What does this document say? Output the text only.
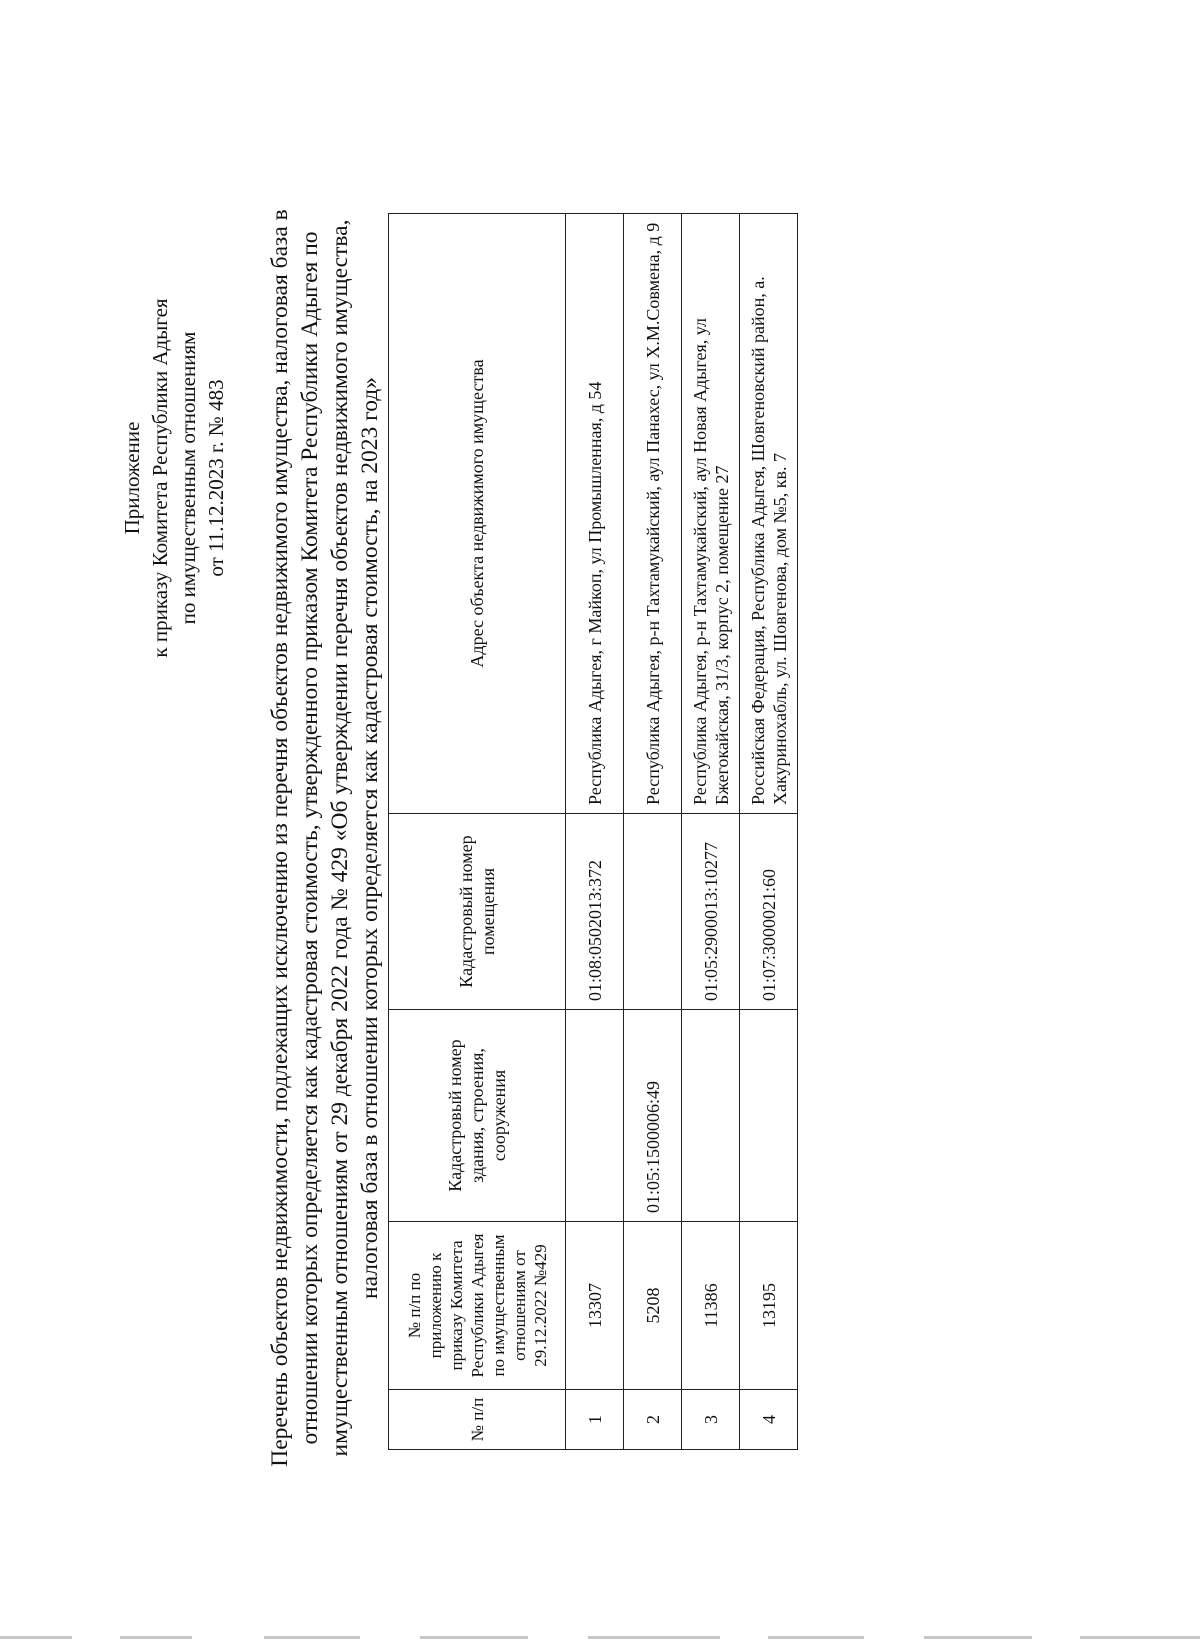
Приложение к приказу Комитета Республики Адыгея по имущественным отношениям от 11.12.2023 г. № 483 Перечень объектов недвижимости, подлежащих исключению из перечня объектов недвижимого имущества, налоговая база в отношении которых определяется как кадастровая стоимость, утвержденного приказом Комитета Республики Адыгея по имущественным отношениям от 29 декабря 2022 года № 429 «Об утверждении перечня объектов недвижимого имущества, налоговая база в отношении которых определяется как кадастровая стоимость, на 2023 год»
№ п/п	№ п/п по приложению к приказу Комитета Республики Адыгея по имущественным отношениям от 29.12.2022 №429	Кадастровый номер здания, строения, сооружения	Кадастровый номер помещения	Адрес объекта недвижимого имущества
1	13307		01:08:0502013:372	Республика Адыгея, г Майкоп, ул Промышленная, д 54
2	5208	01:05:1500006:49		Республика Адыгея, р-н Тахтамукайский, аул Панахес, ул Х.М.Совмена, д 9
3	11386		01:05:2900013:10277	Республика Адыгея, р-н Тахтамукайский, аул Новая Адыгея, ул Бжегокайская, 31/3, корпус 2, помещение 27
4	13195		01:07:3000021:60	Российская Федерация, Республика Адыгея, Шовгеновский район, а. Хакуринохабль, ул. Шовгенова, дом №5, кв. 7
